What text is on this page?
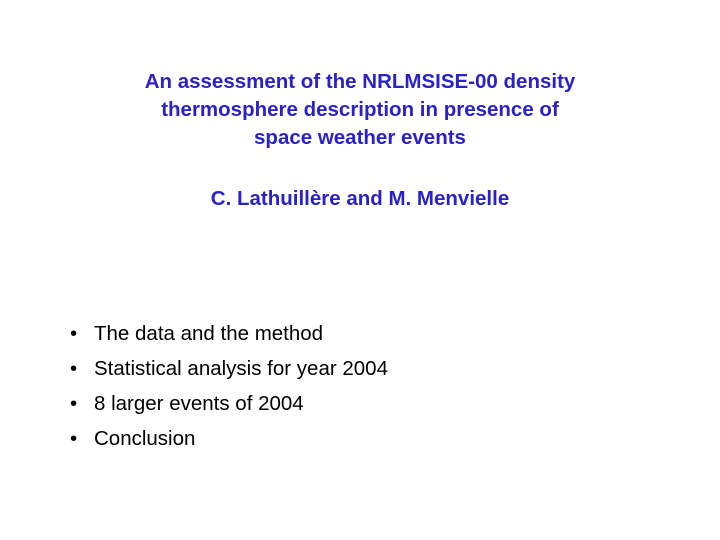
An assessment of the NRLMSISE-00 density
thermosphere description in presence of
space weather events
C. Lathuillère and M. Menvielle
• The data and the method
• Statistical analysis for year 2004
• 8 larger events of 2004
• Conclusion
